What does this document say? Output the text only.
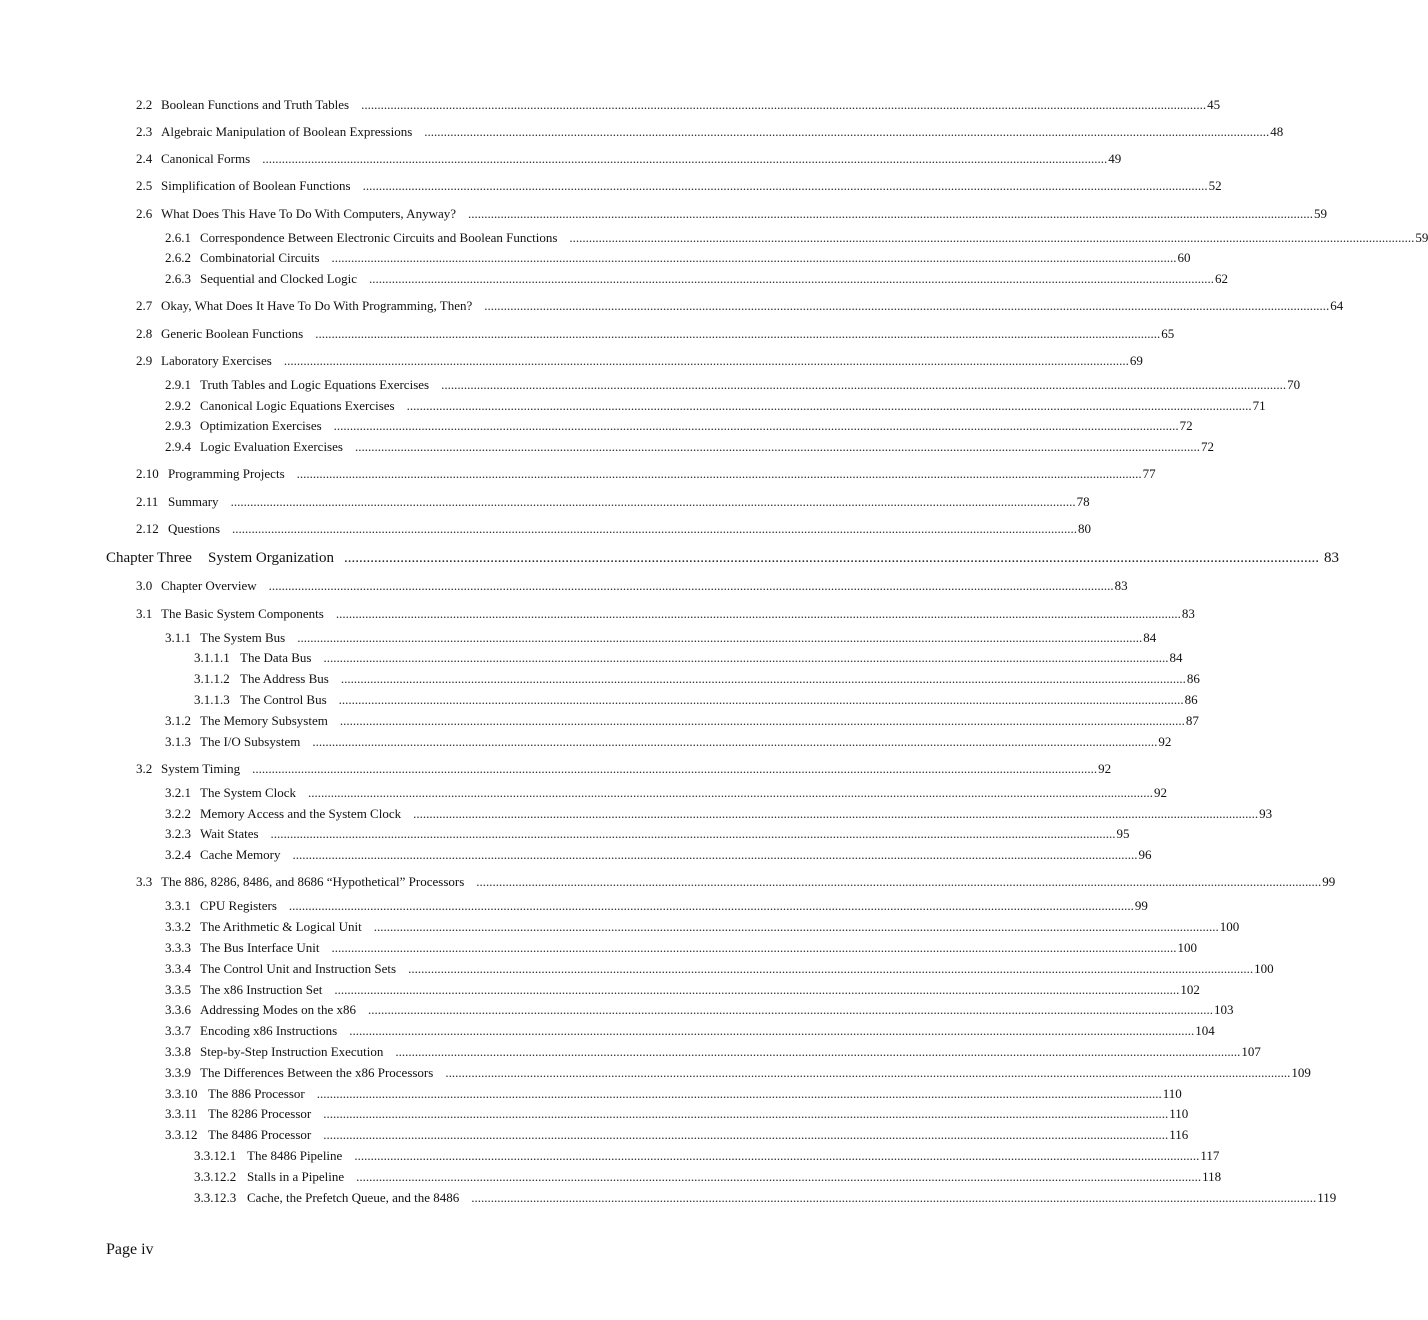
2.2 Boolean Functions and Truth Tables .................................................................................................................................................................................................................................................................... 45
2.3 Algebraic Manipulation of Boolean Expressions .................................................................................................................................................................................................................................................................... 48
2.4 Canonical Forms .................................................................................................................................................................................................................................................................... 49
2.5 Simplification of Boolean Functions .................................................................................................................................................................................................................................................................... 52
2.6 What Does This Have To Do With Computers, Anyway? .................................................................................................................................................................................................................................................................... 59
2.6.1 Correspondence Between Electronic Circuits and Boolean Functions .................................................................................................................................................................................................................................................................... 59
2.6.2 Combinatorial Circuits .................................................................................................................................................................................................................................................................... 60
2.6.3 Sequential and Clocked Logic .................................................................................................................................................................................................................................................................... 62
2.7 Okay, What Does It Have To Do With Programming, Then? .................................................................................................................................................................................................................................................................... 64
2.8 Generic Boolean Functions .................................................................................................................................................................................................................................................................... 65
2.9 Laboratory Exercises .................................................................................................................................................................................................................................................................... 69
2.9.1 Truth Tables and Logic Equations Exercises .................................................................................................................................................................................................................................................................... 70
2.9.2 Canonical Logic Equations Exercises .................................................................................................................................................................................................................................................................... 71
2.9.3 Optimization Exercises .................................................................................................................................................................................................................................................................... 72
2.9.4 Logic Evaluation Exercises .................................................................................................................................................................................................................................................................... 72
2.10 Programming Projects .................................................................................................................................................................................................................................................................... 77
2.11 Summary .................................................................................................................................................................................................................................................................... 78
2.12 Questions .................................................................................................................................................................................................................................................................... 80
Chapter Three	System Organization .................................................................................................................................................................................................................................................................... 83
3.0 Chapter Overview .................................................................................................................................................................................................................................................................... 83
3.1 The Basic System Components .................................................................................................................................................................................................................................................................... 83
3.1.1 The System Bus .................................................................................................................................................................................................................................................................... 84
3.1.1.1 The Data Bus .................................................................................................................................................................................................................................................................... 84
3.1.1.2 The Address Bus .................................................................................................................................................................................................................................................................... 86
3.1.1.3 The Control Bus .................................................................................................................................................................................................................................................................... 86
3.1.2 The Memory Subsystem .................................................................................................................................................................................................................................................................... 87
3.1.3 The I/O Subsystem .................................................................................................................................................................................................................................................................... 92
3.2 System Timing .................................................................................................................................................................................................................................................................... 92
3.2.1 The System Clock .................................................................................................................................................................................................................................................................... 92
3.2.2 Memory Access and the System Clock .................................................................................................................................................................................................................................................................... 93
3.2.3 Wait States .................................................................................................................................................................................................................................................................... 95
3.2.4 Cache Memory .................................................................................................................................................................................................................................................................... 96
3.3 The 886, 8286, 8486, and 8686 “Hypothetical” Processors .................................................................................................................................................................................................................................................................... 99
3.3.1 CPU Registers .................................................................................................................................................................................................................................................................... 99
3.3.2 The Arithmetic & Logical Unit .................................................................................................................................................................................................................................................................... 100
3.3.3 The Bus Interface Unit .................................................................................................................................................................................................................................................................... 100
3.3.4 The Control Unit and Instruction Sets .................................................................................................................................................................................................................................................................... 100
3.3.5 The x86 Instruction Set .................................................................................................................................................................................................................................................................... 102
3.3.6 Addressing Modes on the x86 .................................................................................................................................................................................................................................................................... 103
3.3.7 Encoding x86 Instructions .................................................................................................................................................................................................................................................................... 104
3.3.8 Step-by-Step Instruction Execution .................................................................................................................................................................................................................................................................... 107
3.3.9 The Differences Between the x86 Processors .................................................................................................................................................................................................................................................................... 109
3.3.10 The 886 Processor .................................................................................................................................................................................................................................................................... 110
3.3.11 The 8286 Processor .................................................................................................................................................................................................................................................................... 110
3.3.12 The 8486 Processor .................................................................................................................................................................................................................................................................... 116
3.3.12.1 The 8486 Pipeline .................................................................................................................................................................................................................................................................... 117
3.3.12.2 Stalls in a Pipeline .................................................................................................................................................................................................................................................................... 118
3.3.12.3 Cache, the Prefetch Queue, and the 8486 .................................................................................................................................................................................................................................................................... 119
Page iv
